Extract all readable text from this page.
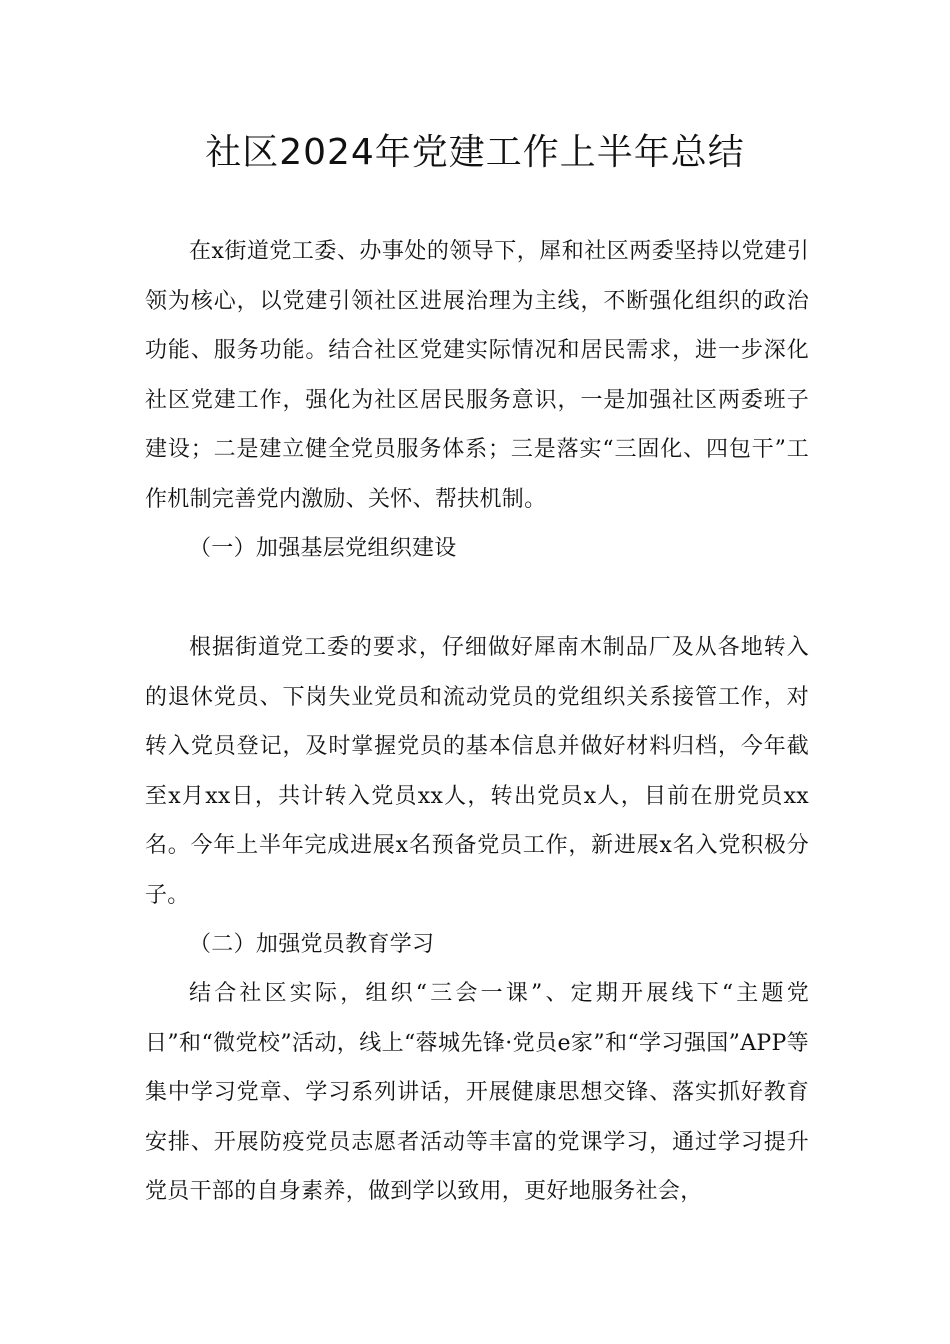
社区2024年党建工作上半年总结

在x街道党工委、办事处的领导下，犀和社区两委坚持以党建引领为核心，以党建引领社区进展治理为主线，不断强化组织的政治功能、服务功能。结合社区党建实际情况和居民需求，进一步深化社区党建工作，强化为社区居民服务意识，一是加强社区两委班子建设；二是建立健全党员服务体系；三是落实“三固化、四包干”工作机制完善党内激励、关怀、帮扶机制。

（一）加强基层党组织建设

根据街道党工委的要求，仔细做好犀南木制品厂及从各地转入的退休党员、下岗失业党员和流动党员的党组织关系接管工作，对转入党员登记，及时掌握党员的基本信息并做好材料归档，今年截至x月xx日，共计转入党员xx人，转出党员x人，目前在册党员xx名。今年上半年完成进展x名预备党员工作，新进展x名入党积极分子。

（二）加强党员教育学习

结合社区实际，组织“三会一课”、定期开展线下“主题党日”和“微党校”活动，线上“蓉城先锋·党员e家”和“学习强国”APP等集中学习党章、学习系列讲话，开展健康思想交锋、落实抓好教育安排、开展防疫党员志愿者活动等丰富的党课学习，通过学习提升党员干部的自身素养，做到学以致用，更好地服务社会，
